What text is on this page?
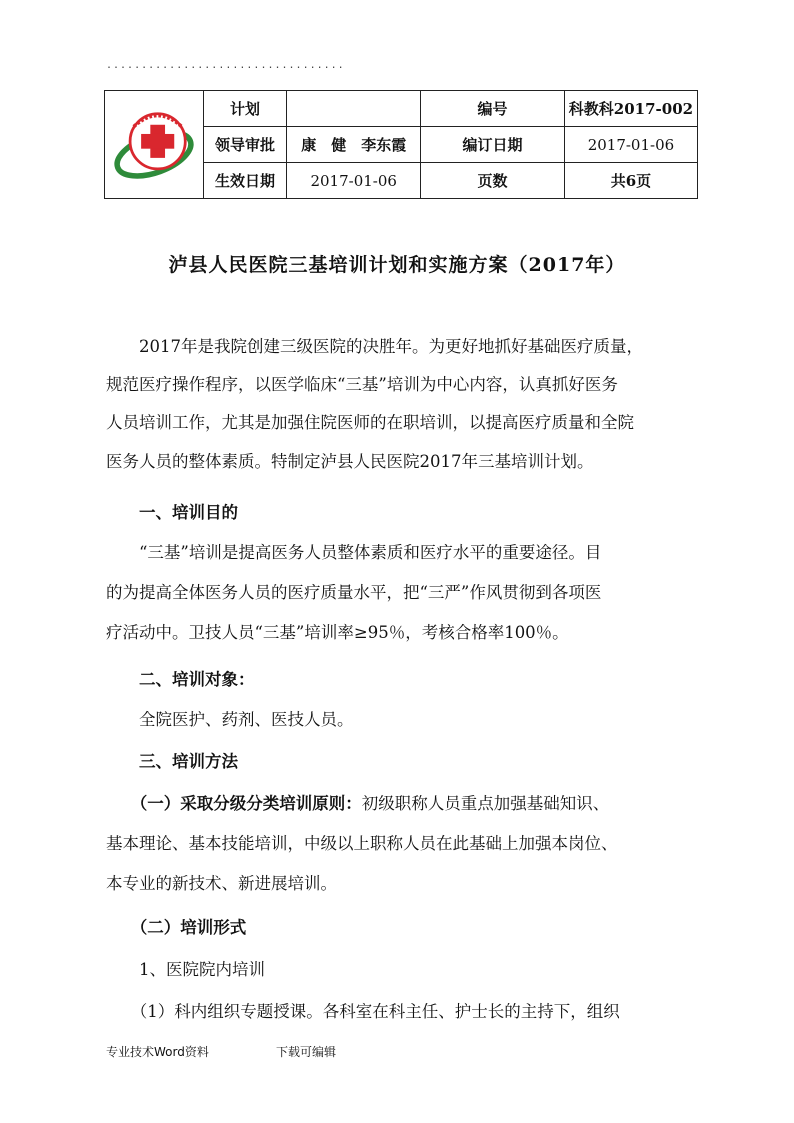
..................................
	计划		编号	科教科2017-002
	领导审批	康　健　李东霞	编订日期	2017-01-06
	生效日期	2017-01-06	页数	共6页
泸县人民医院三基培训计划和实施方案（2017年）

　　2017年是我院创建三级医院的决胜年。为更好地抓好基础医疗质量，

规范医疗操作程序，以医学临床“三基”培训为中心内容，认真抓好医务

人员培训工作，尤其是加强住院医师的在职培训，以提高医疗质量和全院

医务人员的整体素质。特制定泸县人民医院2017年三基培训计划。

　　一、培训目的

　　“三基”培训是提高医务人员整体素质和医疗水平的重要途径。目

的为提高全体医务人员的医疗质量水平，把“三严”作风贯彻到各项医

疗活动中。卫技人员“三基”培训率≥95％，考核合格率100％。

　　二、培训对象：

　　全院医护、药剂、医技人员。

　　三、培训方法

　　（一）采取分级分类培训原则：初级职称人员重点加强基础知识、

基本理论、基本技能培训，中级以上职称人员在此基础上加强本岗位、

本专业的新技术、新进展培训。

　　（二）培训形式

　　1、医院院内培训

　　（1）科内组织专题授课。各科室在科主任、护士长的主持下，组织

专业技术Word资料	下载可编辑
